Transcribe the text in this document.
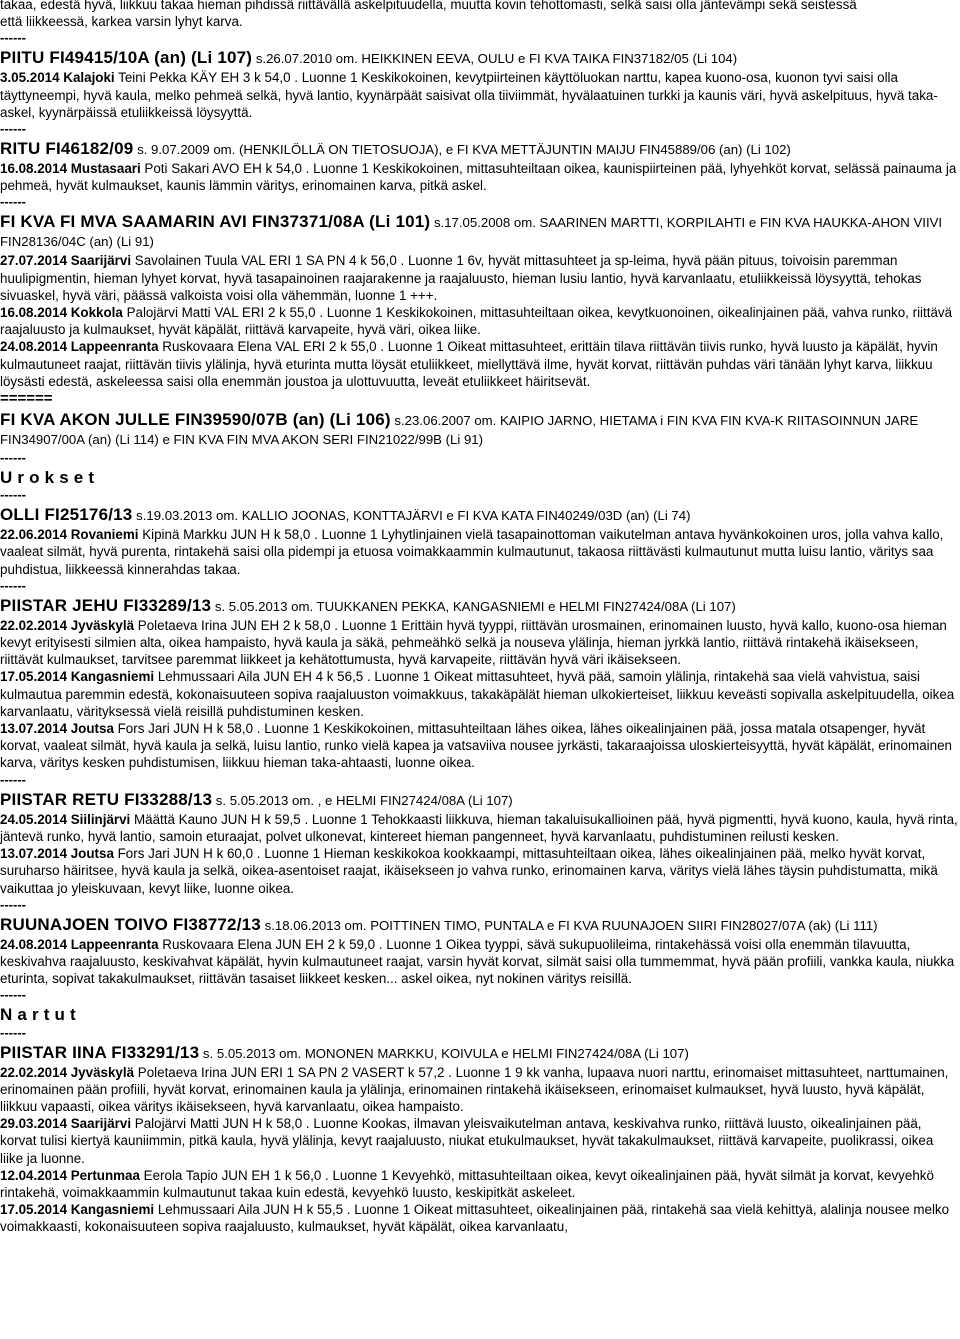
takaa, edestä hyvä, liikkuu takaa hieman pihdissä riittävällä askelpituudella, muutta kovin tehottomasti, selkä saisi olla jäntevämpi sekä seistessä

että liikkeessä, karkea varsin lyhyt karva.

------

PIITU FI49415/10A (an) (Li 107) s.26.07.2010 om. HEIKKINEN EEVA, OULU e FI KVA TAIKA FIN37182/05 (Li 104)

3.05.2014 Kalajoki Teini Pekka KÄY EH 3 k 54,0 . Luonne 1 Keskikokoinen, kevytpiirteinen käyttöluokan narttu, kapea kuono-osa, kuonon tyvi saisi olla täyttyneempi, hyvä kaula, melko pehmeä selkä, hyvä lantio, kyynärpäät saisivat olla tiiviimmät, hyvälaatuinen turkki ja kaunis väri, hyvä askelpituus, hyvä taka-askel, kyynärpäissä etuliikkeissä löysyyttä.

------

RITU FI46182/09 s. 9.07.2009 om. (HENKILÖLLÄ ON TIETOSUOJA), e FI KVA METTÄJUNTIN MAIJU FIN45889/06 (an) (Li 102)

16.08.2014 Mustasaari Poti Sakari AVO EH k 54,0 . Luonne 1 Keskikokoinen, mittasuhteiltaan oikea, kaunispiirteinen pää, lyhyehköt korvat, selässä painauma ja pehmeä, hyvät kulmaukset, kaunis lämmin väritys, erinomainen karva, pitkä askel.

------

FI KVA FI MVA SAAMARIN AVI FIN37371/08A (Li 101) s.17.05.2008 om. SAARINEN MARTTI, KORPILAHTI e FIN KVA HAUKKA-AHON VIIVI FIN28136/04C (an) (Li 91)

27.07.2014 Saarijärvi Savolainen Tuula VAL ERI 1 SA PN 4 k 56,0 . Luonne 1 6v, hyvät mittasuhteet ja sp-leima, hyvä pään pituus, toivoisin paremman huulipigmentin, hieman lyhyet korvat, hyvä tasapainoinen raajarakenne ja raajaluusto, hieman lusiu lantio, hyvä karvanlaatu, etuliikkeissä löysyyttä, tehokas sivuaskel, hyvä väri, päässä valkoista voisi olla vähemmän, luonne 1 +++.

16.08.2014 Kokkola Palojärvi Matti VAL ERI 2 k 55,0 . Luonne 1 Keskikokoinen, mittasuhteiltaan oikea, kevytkuonoinen, oikealinjainen pää, vahva runko, riittävä raajaluusto ja kulmaukset, hyvät käpälät, riittävä karvapeite, hyvä väri, oikea liike.

24.08.2014 Lappeenranta Ruskovaara Elena VAL ERI 2 k 55,0 . Luonne 1 Oikeat mittasuhteet, erittäin tilava riittävän tiivis runko, hyvä luusto ja käpälät, hyvin kulmautuneet raajat, riittävän tiivis ylälinja, hyvä eturinta mutta löysät etuliikkeet, miellyttävä ilme, hyvät korvat, riittävän puhdas väri tänään lyhyt karva, liikkuu löysästi edestä, askeleessa saisi olla enemmän joustoa ja ulottuvuutta, leveät etuliikkeet häiritsevät.

======

FI KVA AKON JULLE FIN39590/07B (an) (Li 106) s.23.06.2007 om. KAIPIO JARNO, HIETAMA i FIN KVA FIN KVA-K RIITASOINNUN JARE FIN34907/00A (an) (Li 114) e FIN KVA FIN MVA AKON SERI FIN21022/99B (Li 91)

------

U r o k s e t

------

OLLI FI25176/13 s.19.03.2013 om. KALLIO JOONAS, KONTTAJÄRVI e FI KVA KATA FIN40249/03D (an) (Li 74)

22.06.2014 Rovaniemi Kipinä Markku JUN H k 58,0 . Luonne 1 Lyhytlinjainen vielä tasapainottoman vaikutelman antava hyvänkokoinen uros, jolla vahva kallo, vaaleat silmät, hyvä purenta, rintakehä saisi olla pidempi ja etuosa voimakkaammin kulmautunut, takaosa riittävästi kulmautunut mutta luisu lantio, väritys saa puhdistua, liikkeessä kinnerahdas takaa.

------

PIISTAR JEHU FI33289/13 s. 5.05.2013 om. TUUKKANEN PEKKA, KANGASNIEMI e HELMI FIN27424/08A (Li 107)

22.02.2014 Jyväskylä Poletaeva Irina JUN EH 2 k 58,0 . Luonne 1 Erittäin hyvä tyyppi, riittävän urosmainen, erinomainen luusto, hyvä kallo, kuono-osa hieman kevyt erityisesti silmien alta, oikea hampaisto, hyvä kaula ja säkä, pehmeähkö selkä ja nouseva ylälinja, hieman jyrkkä lantio, riittävä rintakehä ikäisekseen, riittävät kulmaukset, tarvitsee paremmat liikkeet ja kehätottumusta, hyvä karvapeite, riittävän hyvä väri ikäisekseen.

17.05.2014 Kangasniemi Lehmussaari Aila JUN EH 4 k 56,5 . Luonne 1 Oikeat mittasuhteet, hyvä pää, samoin ylälinja, rintakehä saa vielä vahvistua, saisi kulmautua paremmin edestä, kokonaisuuteen sopiva raajaluuston voimakkuus, takakäpälät hieman ulkokierteiset, liikkuu keveästi sopivalla askelpituudella, oikea karvanlaatu, värityksessä vielä reisillä puhdistuminen kesken.

13.07.2014 Joutsa Fors Jari JUN H k 58,0 . Luonne 1 Keskikokoinen, mittasuhteiltaan lähes oikea, lähes oikealinjainen pää, jossa matala otsapenger, hyvät korvat, vaaleat silmät, hyvä kaula ja selkä, luisu lantio, runko vielä kapea ja vatsaviiva nousee jyrkästi, takaraajoissa uloskierteisyyttä, hyvät käpälät, erinomainen karva, väritys kesken puhdistumisen, liikkuu hieman taka-ahtaasti, luonne oikea.

------

PIISTAR RETU FI33288/13 s. 5.05.2013 om. , e HELMI FIN27424/08A (Li 107)

24.05.2014 Siilinjärvi Määttä Kauno JUN H k 59,5 . Luonne 1 Tehokkaasti liikkuva, hieman takaluisukallioinen pää, hyvä pigmentti, hyvä kuono, kaula, hyvä rinta, jäntevä runko, hyvä lantio, samoin eturaajat, polvet ulkonevat, kintereet hieman pangenneet, hyvä karvanlaatu, puhdistuminen reilusti kesken.

13.07.2014 Joutsa Fors Jari JUN H k 60,0 . Luonne 1 Hieman keskikokoa kookkaampi, mittasuhteiltaan oikea, lähes oikealinjainen pää, melko hyvät korvat, suruharso häiritsee, hyvä kaula ja selkä, oikea-asentoiset raajat, ikäisekseen jo vahva runko, erinomainen karva, väritys vielä lähes täysin puhdistumatta, mikä vaikuttaa jo yleiskuvaan, kevyt liike, luonne oikea.

------

RUUNAJOEN TOIVO FI38772/13 s.18.06.2013 om. POITTINEN TIMO, PUNTALA e FI KVA RUUNAJOEN SIIRI FIN28027/07A (ak) (Li 111)

24.08.2014 Lappeenranta Ruskovaara Elena JUN EH 2 k 59,0 . Luonne 1 Oikea tyyppi, sävä sukupuolileima, rintakehässä voisi olla enemmän tilavuutta, keskivahva raajaluusto, keskivahvat käpälät, hyvin kulmautuneet raajat, varsin hyvät korvat, silmät saisi olla tummemmat, hyvä pään profiili, vankka kaula, niukka eturinta, sopivat takakulmaukset, riittävän tasaiset liikkeet kesken... askel oikea, nyt nokinen väritys reisillä.

------

N a r t u t

------

PIISTAR IINA FI33291/13 s. 5.05.2013 om. MONONEN MARKKU, KOIVULA e HELMI FIN27424/08A (Li 107)

22.02.2014 Jyväskylä Poletaeva Irina JUN ERI 1 SA PN 2 VASERT k 57,2 . Luonne 1 9 kk vanha, lupaava nuori narttu, erinomaiset mittasuhteet, narttumainen, erinomainen pään profiili, hyvät korvat, erinomainen kaula ja ylälinja, erinomainen rintakehä ikäisekseen, erinomaiset kulmaukset, hyvä luusto, hyvä käpälät, liikkuu vapaasti, oikea väritys ikäisekseen, hyvä karvanlaatu, oikea hampaisto.

29.03.2014 Saarijärvi Palojärvi Matti JUN H k 58,0 . Luonne Kookas, ilmavan yleisvaikutelman antava, keskivahva runko, riittävä luusto, oikealinjainen pää, korvat tulisi kiertyä kauniimmin, pitkä kaula, hyvä ylälinja, kevyt raajaluusto, niukat etukulmaukset, hyvät takakulmaukset, riittävä karvapeite, puolikrassi, oikea liike ja luonne.

12.04.2014 Pertunmaa Eerola Tapio JUN EH 1 k 56,0 . Luonne 1 Kevyehkö, mittasuhteiltaan oikea, kevyt oikealinjainen pää, hyvät silmät ja korvat, kevyehkö rintakehä, voimakkaammin kulmautunut takaa kuin edestä, kevyehkö luusto, keskipitkät askeleet.

17.05.2014 Kangasniemi Lehmussaari Aila JUN H k 55,5 . Luonne 1 Oikeat mittasuhteet, oikealinjainen pää, rintakehä saa vielä kehittyä, alalinja nousee melko voimakkaasti, kokonaisuuteen sopiva raajaluusto, kulmaukset, hyvät käpälät, oikea karvanlaatu,
